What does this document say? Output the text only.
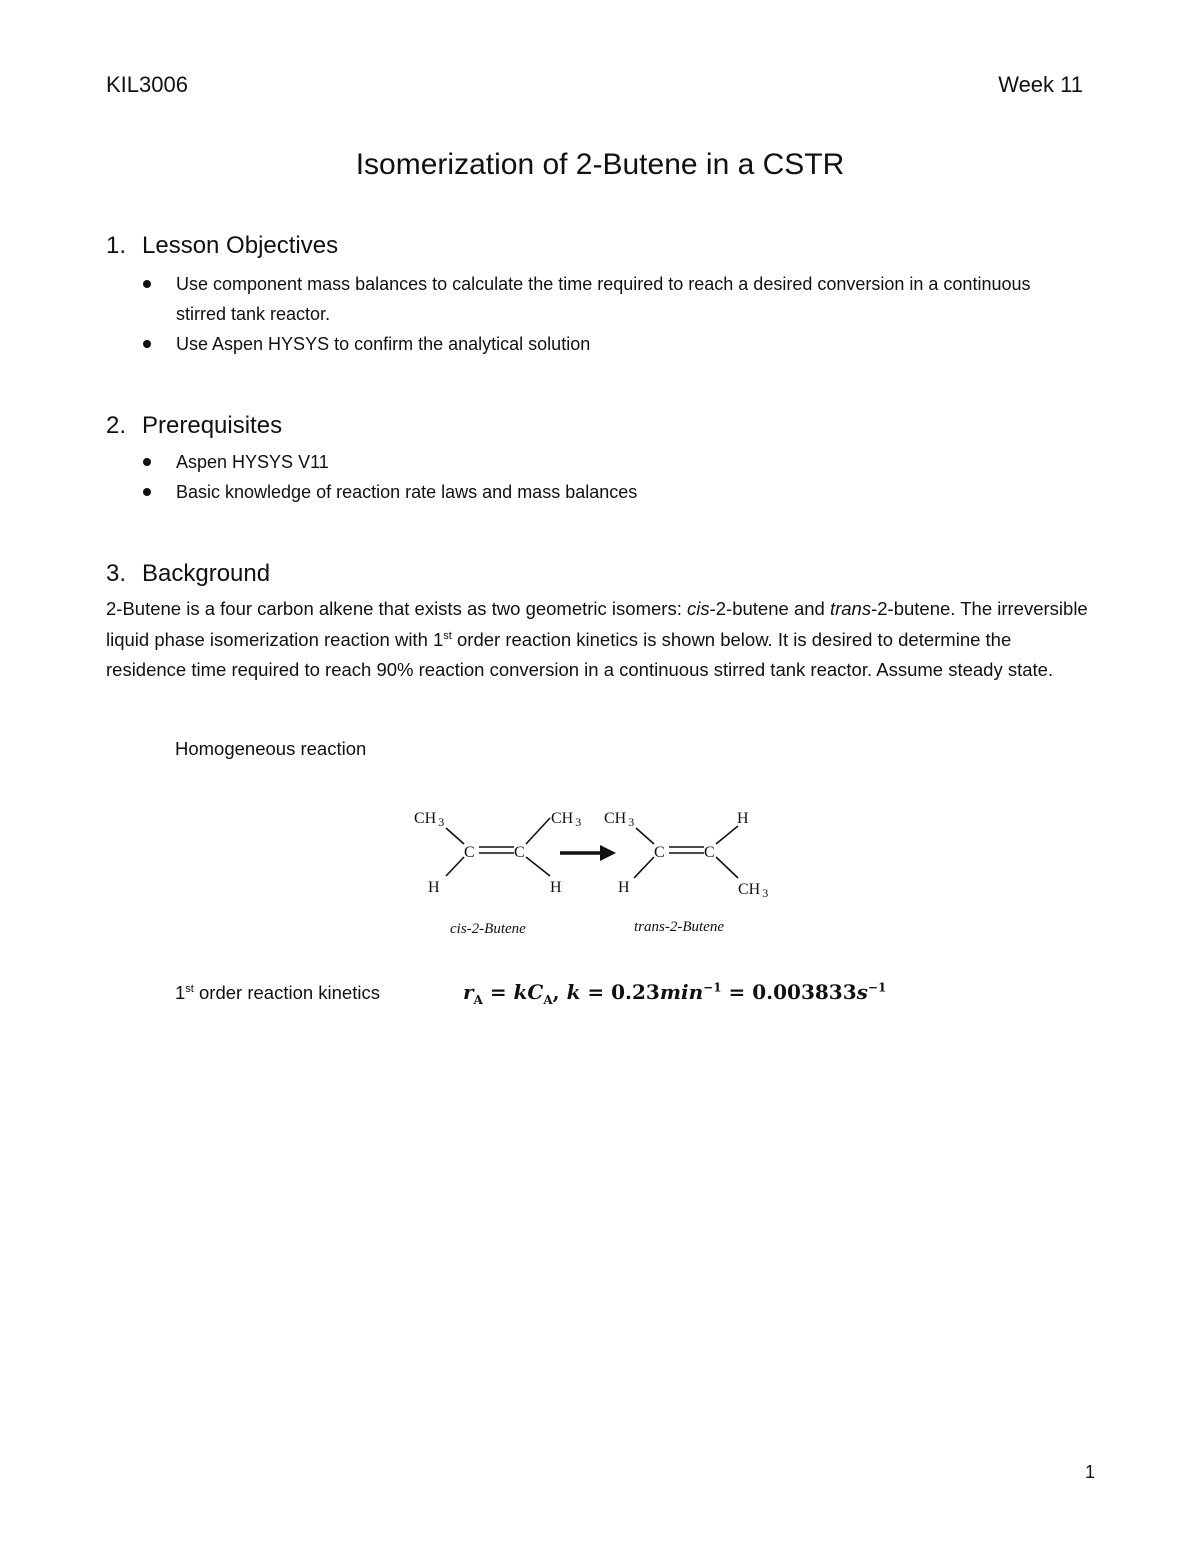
KIL3006	Week 11
Isomerization of 2-Butene in a CSTR
1. Lesson Objectives
Use component mass balances to calculate the time required to reach a desired conversion in a continuous stirred tank reactor.
Use Aspen HYSYS to confirm the analytical solution
2. Prerequisites
Aspen HYSYS V11
Basic knowledge of reaction rate laws and mass balances
3. Background
2-Butene is a four carbon alkene that exists as two geometric isomers: cis-2-butene and trans-2-butene. The irreversible liquid phase isomerization reaction with 1st order reaction kinetics is shown below. It is desired to determine the residence time required to reach 90% reaction conversion in a continuous stirred tank reactor. Assume steady state.
Homogeneous reaction
CH 3	CH 3
C C
H	H
CH 3	H
C C
H	CH 3
cis-2-Butene	trans-2-Butene
1st order reaction kinetics	$r_A = kC_A$, $k = 0.23\min^{-1} = 0.003833s^{-1}$
1
